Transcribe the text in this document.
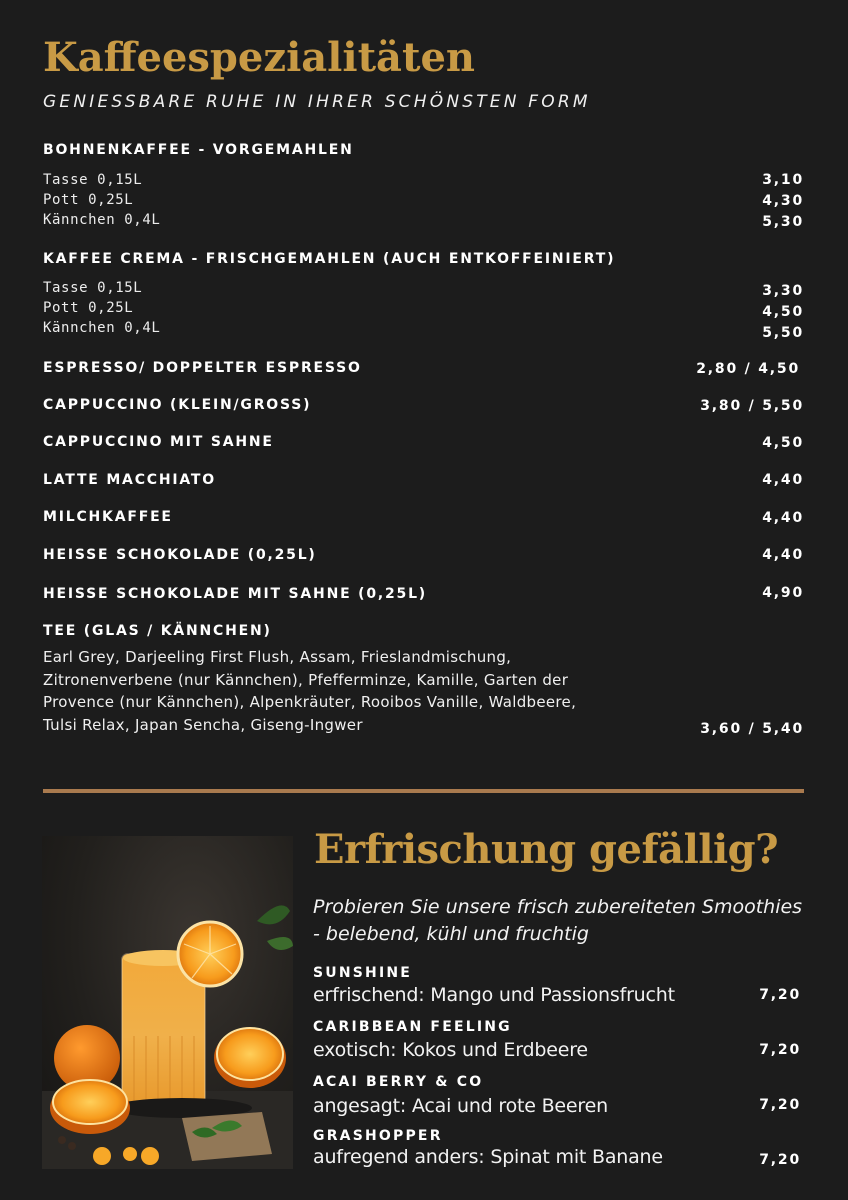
Kaffeespezialitäten
GENIESSBARE RUHE IN IHRER SCHÖNSTEN FORM
BOHNENKAFFEE - VORGEMAHLEN
Tasse 0,15L	3,10
Pott 0,25L	4,30
Kännchen 0,4L	5,30
KAFFEE CREMA - FRISCHGEMAHLEN (AUCH ENTKOFFEINIERT)
Tasse 0,15L	3,30
Pott 0,25L	4,50
Kännchen 0,4L	5,50
ESPRESSO/ DOPPELTER ESPRESSO	2,80 / 4,50
CAPPUCCINO (KLEIN/GROSS)	3,80 / 5,50
CAPPUCCINO MIT SAHNE	4,50
LATTE MACCHIATO	4,40
MILCHKAFFEE	4,40
HEISSE SCHOKOLADE (0,25L)	4,40
HEISSE SCHOKOLADE MIT SAHNE (0,25L)	4,90
TEE (GLAS / KÄNNCHEN)
Earl Grey, Darjeeling First Flush, Assam, Frieslandmischung,
Zitronenverbene (nur Kännchen), Pfefferminze, Kamille, Garten der
Provence (nur Kännchen), Alpenkräuter, Rooibos Vanille, Waldbeere,
Tulsi Relax, Japan Sencha, Giseng-Ingwer	3,60 / 5,40
Erfrischung gefällig?
Probieren Sie unsere frisch zubereiteten Smoothies
- belebend, kühl und fruchtig
SUNSHINE
erfrischend: Mango und Passionsfrucht	7,20
CARIBBEAN FEELING
exotisch: Kokos und Erdbeere	7,20
ACAI BERRY & CO
angesagt: Acai und rote Beeren	7,20
GRASHOPPER
aufregend anders: Spinat mit Banane	7,20
